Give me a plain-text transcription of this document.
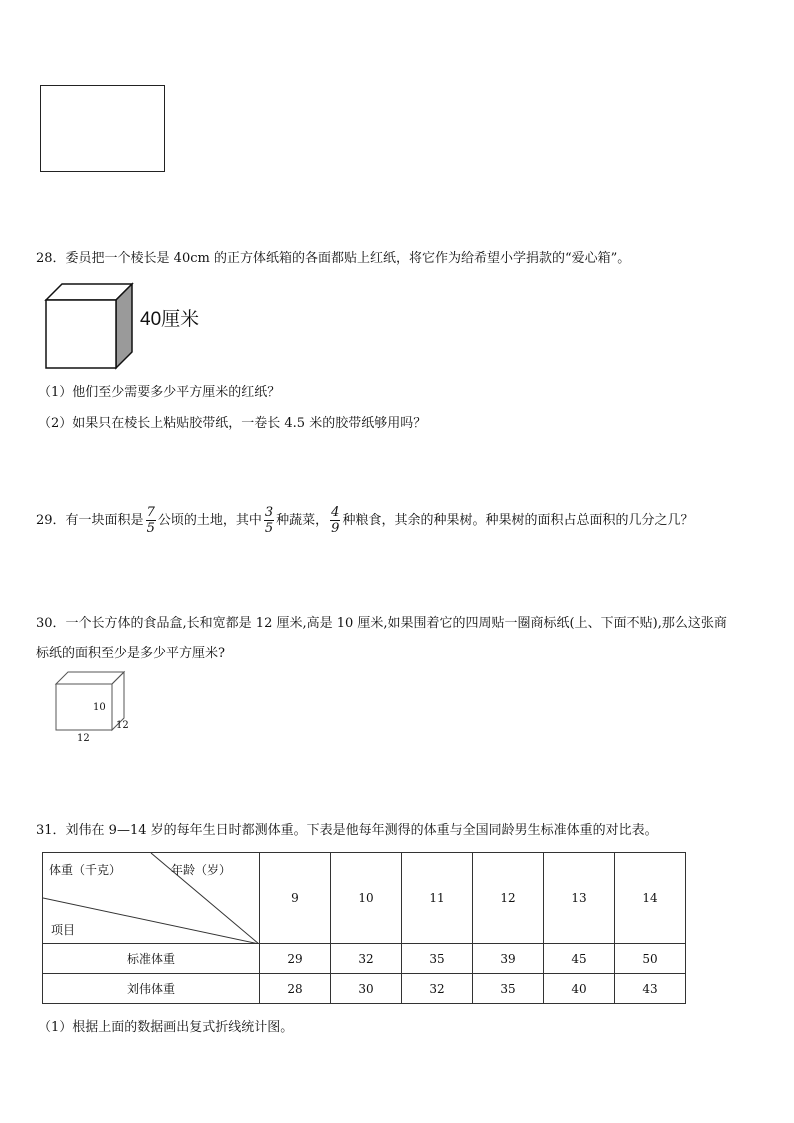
28．委员把一个棱长是 40cm 的正方体纸箱的各面都贴上红纸，将它作为给希望小学捐款的“爱心箱”。
40厘米
（1）他们至少需要多少平方厘米的红纸？
（2）如果只在棱长上粘贴胶带纸，一卷长 4.5 米的胶带纸够用吗？
29．有一块面积是 $\frac{7}{5}$ 公顷的土地，其中 $\frac{3}{5}$ 种蔬菜， $\frac{4}{9}$ 种粮食，其余的种果树。种果树的面积占总面积的几分之几？
30．一个长方体的食品盒,长和宽都是 12 厘米,高是 10 厘米,如果围着它的四周贴一圈商标纸(上、下面不贴),那么这张商
标纸的面积至少是多少平方厘米?
10
12
12
31．刘伟在 9—14 岁的每年生日时都测体重。下表是他每年测得的体重与全国同龄男生标准体重的对比表。
体重（千克） 年龄（岁）
项目	9	10	11	12	13	14
标准体重	29	32	35	39	45	50
刘伟体重	28	30	32	35	40	43
（1）根据上面的数据画出复式折线统计图。
